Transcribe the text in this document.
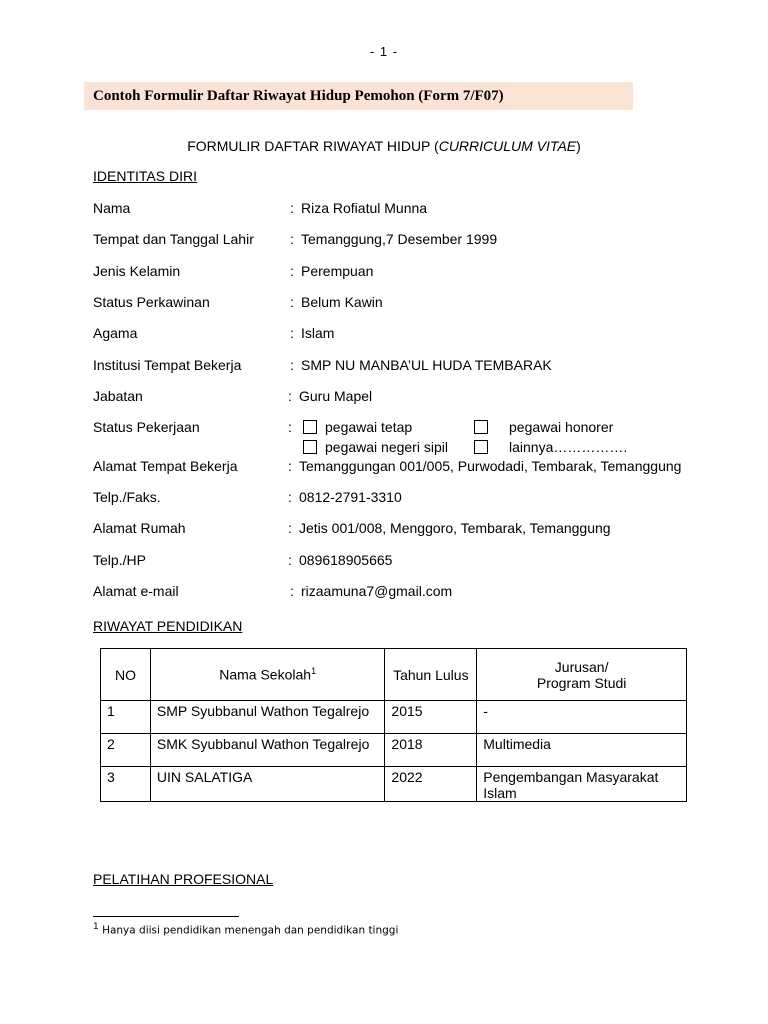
- 1 -
Contoh Formulir Daftar Riwayat Hidup Pemohon (Form 7/F07)
FORMULIR DAFTAR RIWAYAT HIDUP (CURRICULUM VITAE)
IDENTITAS DIRI
Nama	: Riza Rofiatul Munna
Tempat dan Tanggal Lahir	: Temanggung,7 Desember 1999
Jenis Kelamin	: Perempuan
Status Perkawinan	: Belum Kawin
Agama	: Islam
Institusi Tempat Bekerja	: SMP NU MANBA’UL HUDA TEMBARAK
Jabatan	: Guru Mapel
Status Pekerjaan	:	pegawai tetap	pegawai honorer
pegawai negeri sipil	lainnya…………….
Alamat Tempat Bekerja	: Temanggungan 001/005, Purwodadi, Tembarak, Temanggung
Telp./Faks.	: 0812-2791-3310
Alamat Rumah	: Jetis 001/008, Menggoro, Tembarak, Temanggung
Telp./HP	: 089618905665
Alamat e-mail	: rizaamuna7@gmail.com
RIWAYAT PENDIDIKAN
NO	Nama Sekolah$^1$	Tahun Lulus	Jurusan/
Program Studi
1	SMP Syubbanul Wathon Tegalrejo	2015	-
2	SMK Syubbanul Wathon Tegalrejo	2018	Multimedia
3	UIN SALATIGA	2022	Pengembangan Masyarakat Islam
PELATIHAN PROFESIONAL
$^1$ Hanya diisi pendidikan menengah dan pendidikan tinggi
